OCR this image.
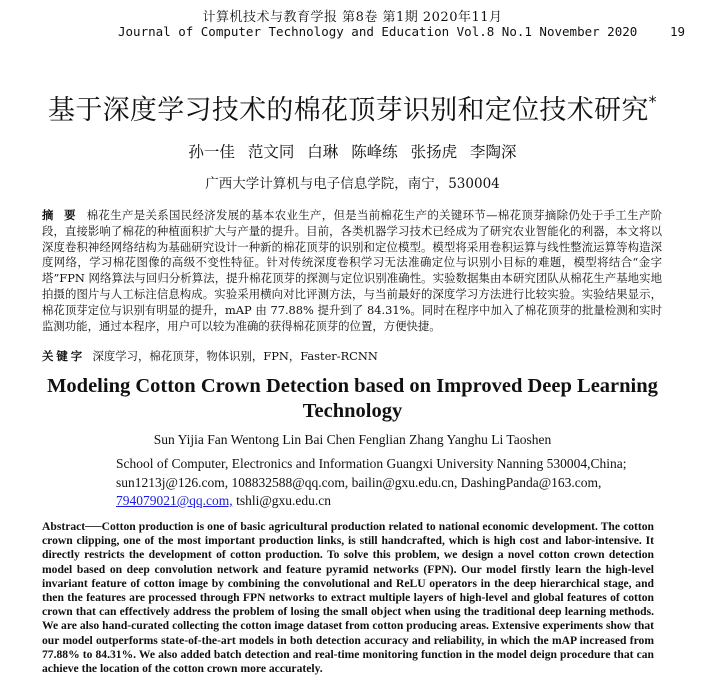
计算机技术与教育学报 第8卷 第1期 2020年11月
Journal of Computer Technology and Education Vol.8 No.1 November 2020	19
基于深度学习技术的棉花顶芽识别和定位技术研究*
孙一佳 范文同 白琳 陈峰练 张扬虎 李陶深
广西大学计算机与电子信息学院，南宁，530004
摘 要 棉花生产是关系国民经济发展的基本农业生产，但是当前棉花生产的关键环节—棉花顶芽摘除仍处于手工生产阶段，直接影响了棉花的种植面积扩大与产量的提升。目前，各类机器学习技术已经成为了研究农业智能化的利器，本文将以深度卷积神经网络结构为基础研究设计一种新的棉花顶芽的识别和定位模型。模型将采用卷积运算与线性整流运算等构造深度网络，学习棉花图像的高级不变性特征。针对传统深度卷积学习无法准确定位与识别小目标的难题，模型将结合“金字塔”FPN 网络算法与回归分析算法，提升棉花顶芽的探测与定位识别准确性。实验数据集由本研究团队从棉花生产基地实地拍摄的图片与人工标注信息构成。实验采用横向对比评测方法，与当前最好的深度学习方法进行比较实验。实验结果显示，棉花顶芽定位与识别有明显的提升，mAP 由 77.88% 提升到了 84.31%。同时在程序中加入了棉花顶芽的批量检测和实时监测功能，通过本程序，用户可以较为准确的获得棉花顶芽的位置，方便快捷。
关键字 深度学习，棉花顶芽，物体识别，FPN，Faster-RCNN
Modeling Cotton Crown Detection based on Improved Deep Learning Technology
Sun Yijia Fan Wentong Lin Bai Chen Fenglian Zhang Yanghu Li Taoshen
School of Computer, Electronics and Information Guangxi University Nanning 530004,China;
sun1213j@126.com, 108832588@qq.com, bailin@gxu.edu.cn, DashingPanda@163.com,
794079021@qq.com, tshli@gxu.edu.cn
Abstract──Cotton production is one of basic agricultural production related to national economic development. The cotton crown clipping, one of the most important production links, is still handcrafted, which is high cost and labor-intensive. It directly restricts the development of cotton production. To solve this problem, we design a novel cotton crown detection model based on deep convolution network and feature pyramid networks (FPN). Our model firstly learn the high-level invariant feature of cotton image by combining the convolutional and ReLU operators in the deep hierarchical stage, and then the features are processed through FPN networks to extract multiple layers of high-level and global features of cotton crown that can effectively address the problem of losing the small object when using the traditional deep learning methods. We are also hand-curated collecting the cotton image dataset from cotton producing areas. Extensive experiments show that our model outperforms state-of-the-art models in both detection accuracy and reliability, in which the mAP increased from 77.88% to 84.31%. We also added batch detection and real-time monitoring function in the model deign procedure that can achieve the location of the cotton crown more accurately.
